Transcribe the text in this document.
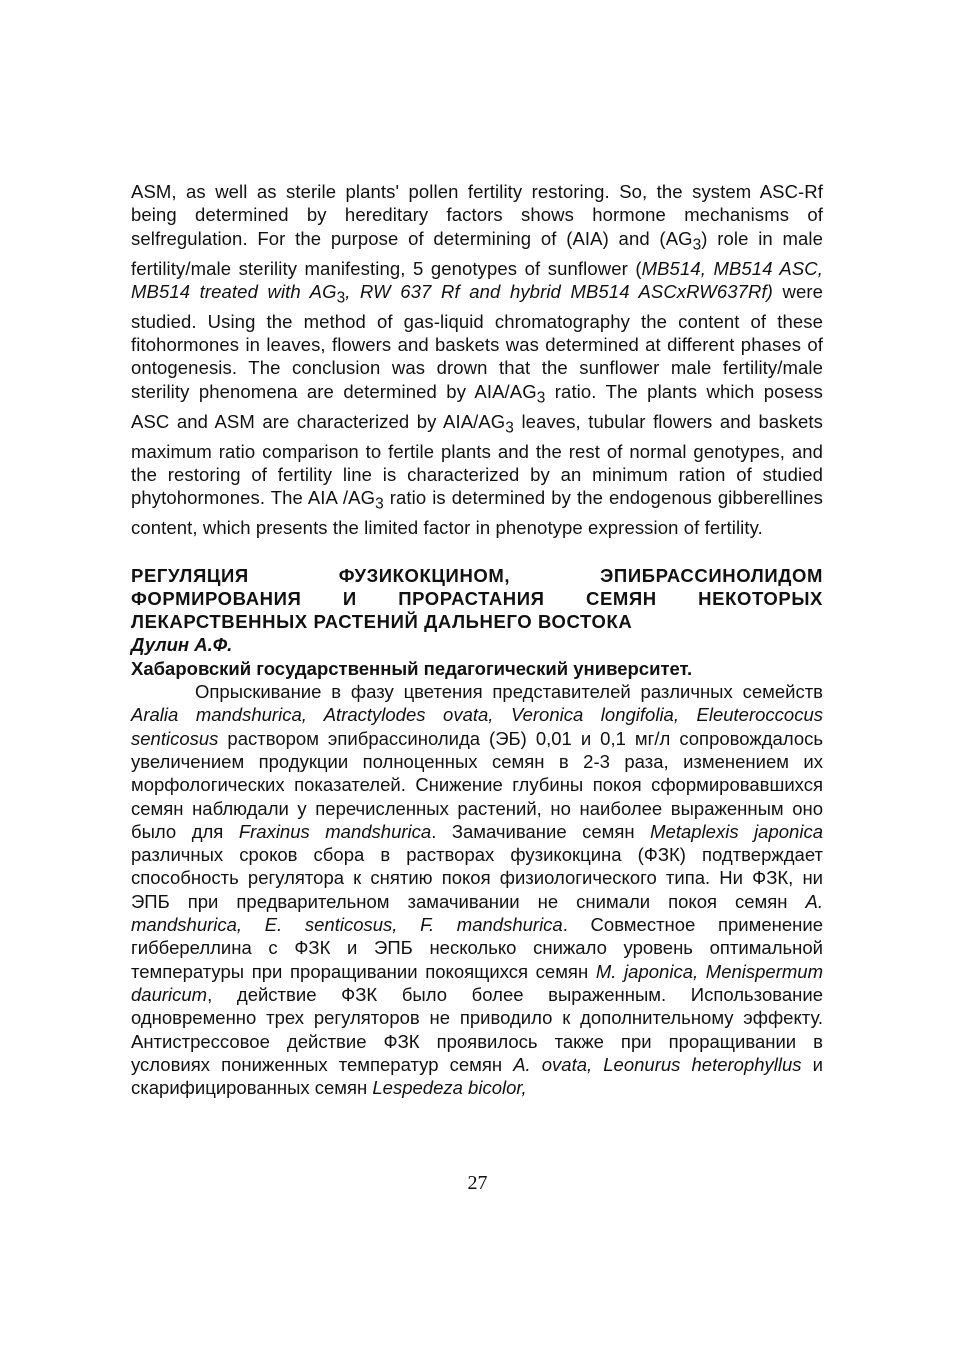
ASM, as well as sterile plants' pollen fertility restoring. So, the system ASC-Rf being determined by hereditary factors shows hormone mechanisms of selfregulation. For the purpose of determining of (AIA) and $(AG_3)$ role in male fertility/male sterility manifesting, 5 genotypes of sunflower (MB514, MB514 ASC, MB514 treated with $AG_3$, RW 637 Rf and hybrid MB514 ASCxRW637Rf) were studied. Using the method of gas-liquid chromatography the content of these fitohormones in leaves, flowers and baskets was determined at different phases of ontogenesis. The conclusion was drown that the sunflower male fertility/male sterility phenomena are determined by AIA/$AG_3$ ratio. The plants which posess ASC and ASM are characterized by AIA/$AG_3$ leaves, tubular flowers and baskets maximum ratio comparison to fertile plants and the rest of normal genotypes, and the restoring of fertility line is characterized by an minimum ration of studied phytohormones. The AIA $/AG_3$ ratio is determined by the endogenous gibberellines content, which presents the limited factor in phenotype expression of fertility.

РЕГУЛЯЦИЯ ФУЗИКОКЦИНОМ, ЭПИБРАССИНОЛИДОМ ФОРМИРОВАНИЯ И ПРОРАСТАНИЯ СЕМЯН НЕКОТОРЫХ ЛЕКАРСТВЕННЫХ РАСТЕНИЙ ДАЛЬНЕГО ВОСТОКА

Дулин А.Ф.

Хабаровский государственный педагогический университет.

Опрыскивание в фазу цветения представителей различных семейств Aralia mandshurica, Atractylodes ovata, Veronica longifolia, Eleuteroccocus senticosus раствором эпибрассинолида (ЭБ) 0,01 и 0,1 мг/л сопровождалось увеличением продукции полноценных семян в 2-3 раза, изменением их морфологических показателей. Снижение глубины покоя сформировавшихся семян наблюдали у перечисленных растений, но наиболее выраженным оно было для Fraxinus mandshurica. Замачивание семян Metaplexis japonica различных сроков сбора в растворах фузикокцина (ФЗК) подтверждает способность регулятора к снятию покоя физиологического типа. Ни ФЗК, ни ЭПБ при предварительном замачивании не снимали покоя семян A. mandshurica, E. senticosus, F. mandshurica. Совместное применение гиббереллина с ФЗК и ЭПБ несколько снижало уровень оптимальной температуры при проращивании покоящихся семян M. japonica, Menispermum dauricum, действие ФЗК было более выраженным. Использование одновременно трех регуляторов не приводило к дополнительному эффекту. Антистрессовое действие ФЗК проявилось также при проращивании в условиях пониженных температур семян A. ovata, Leonurus heterophyllus и скарифицированных семян Lespedeza bicolor,

27
